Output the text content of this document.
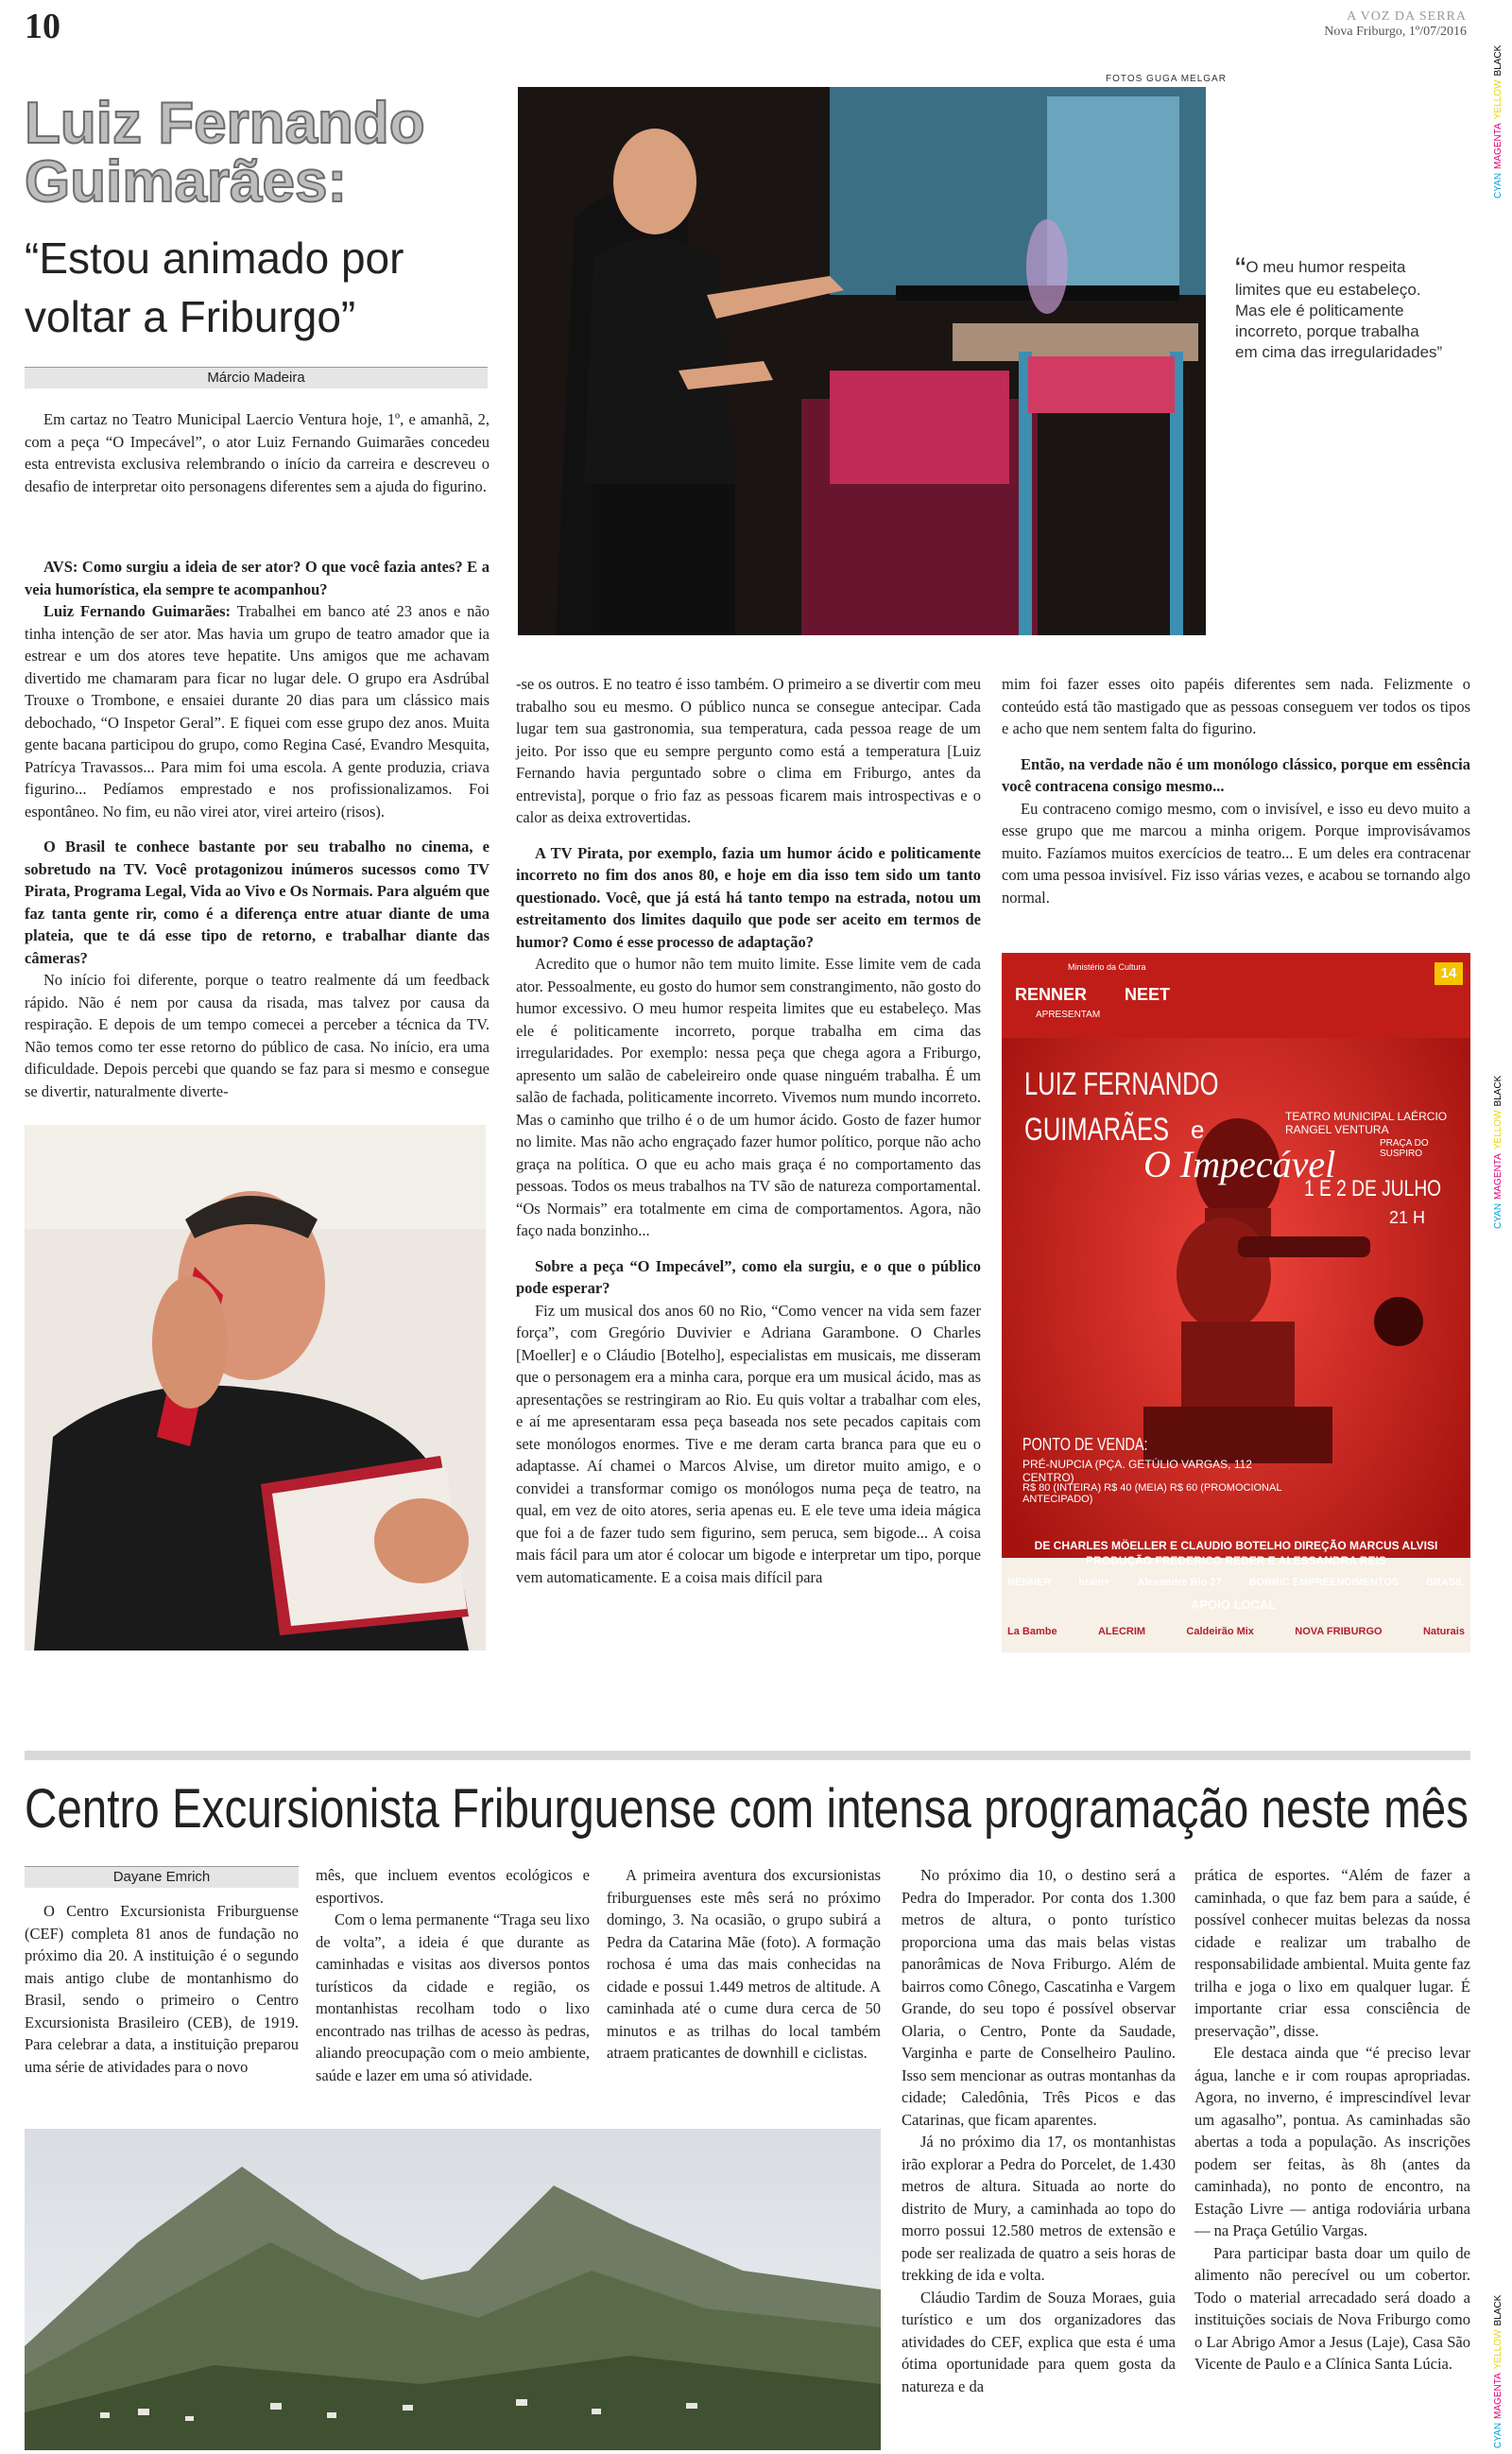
10	A VOZ DA SERRA
Nova Friburgo, 1º/07/2016
CYANMAGENTAYELLOWBLACK
CYANMAGENTAYELLOWBLACK
CYANMAGENTAYELLOWBLACK
Luiz Fernando Guimarães:
“Estou animado por voltar a Friburgo”
Márcio Madeira

Em cartaz no Teatro Municipal Laercio Ventura hoje, 1º, e amanhã, 2, com a peça “O Impecável”, o ator Luiz Fernando Guimarães concedeu esta entrevista exclusiva relembrando o início da carreira e descreveu o desafio de interpretar oito personagens diferentes sem a ajuda do figurino.

AVS: Como surgiu a ideia de ser ator? O que você fazia antes? E a veia humorística, ela sempre te acompanhou?

Luiz Fernando Guimarães: Trabalhei em banco até 23 anos e não tinha intenção de ser ator. Mas havia um grupo de teatro amador que ia estrear e um dos atores teve hepatite. Uns amigos que me achavam divertido me chamaram para ficar no lugar dele. O grupo era Asdrúbal Trouxe o Trombone, e ensaiei durante 20 dias para um clássico mais debochado, “O Inspetor Geral”. E fiquei com esse grupo dez anos. Muita gente bacana participou do grupo, como Regina Casé, Evandro Mesquita, Patrícya Travassos... Para mim foi uma escola. A gente produzia, criava figurino... Pedíamos emprestado e nos profissionalizamos. Foi espontâneo. No fim, eu não virei ator, virei arteiro (risos).

O Brasil te conhece bastante por seu trabalho no cinema, e sobretudo na TV. Você protagonizou inúmeros sucessos como TV Pirata, Programa Legal, Vida ao Vivo e Os Normais. Para alguém que faz tanta gente rir, como é a diferença entre atuar diante de uma plateia, que te dá esse tipo de retorno, e trabalhar diante das câmeras?

No início foi diferente, porque o teatro realmente dá um feedback rápido. Não é nem por causa da risada, mas talvez por causa da respiração. E depois de um tempo comecei a perceber a técnica da TV. Não temos como ter esse retorno do público de casa. No início, era uma dificuldade. Depois percebi que quando se faz para si mesmo e consegue se divertir, naturalmente diverte-

FOTOS GUGA MELGAR
“O meu humor respeita limites que eu estabeleço. Mas ele é politicamente incorreto, porque trabalha em cima das irregularidades”

-se os outros. E no teatro é isso também. O primeiro a se divertir com meu trabalho sou eu mesmo. O público nunca se consegue antecipar. Cada lugar tem sua gastronomia, sua temperatura, cada pessoa reage de um jeito. Por isso que eu sempre pergunto como está a temperatura [Luiz Fernando havia perguntado sobre o clima em Friburgo, antes da entrevista], porque o frio faz as pessoas ficarem mais introspectivas e o calor as deixa extrovertidas.

A TV Pirata, por exemplo, fazia um humor ácido e politicamente incorreto no fim dos anos 80, e hoje em dia isso tem sido um tanto questionado. Você, que já está há tanto tempo na estrada, notou um estreitamento dos limites daquilo que pode ser aceito em termos de humor? Como é esse processo de adaptação?

Acredito que o humor não tem muito limite. Esse limite vem de cada ator. Pessoalmente, eu gosto do humor sem constrangimento, não gosto do humor excessivo. O meu humor respeita limites que eu estabeleço. Mas ele é politicamente incorreto, porque trabalha em cima das irregularidades. Por exemplo: nessa peça que chega agora a Friburgo, apresento um salão de cabeleireiro onde quase ninguém trabalha. É um salão de fachada, politicamente incorreto. Vivemos num mundo incorreto. Mas o caminho que trilho é o de um humor ácido. Gosto de fazer humor no limite. Mas não acho engraçado fazer humor político, porque não acho graça na política. O que eu acho mais graça é no comportamento das pessoas. Todos os meus trabalhos na TV são de natureza comportamental. “Os Normais” era totalmente em cima de comportamentos. Agora, não faço nada bonzinho...

Sobre a peça “O Impecável”, como ela surgiu, e o que o público pode esperar?

Fiz um musical dos anos 60 no Rio, “Como vencer na vida sem fazer força”, com Gregório Duvivier e Adriana Garambone. O Charles [Moeller] e o Cláudio [Botelho], especialistas em musicais, me disseram que o personagem era a minha cara, porque era um musical ácido, mas as apresentações se restringiram ao Rio. Eu quis voltar a trabalhar com eles, e aí me apresentaram essa peça baseada nos sete pecados capitais com sete monólogos enormes. Tive e me deram carta branca para que eu o adaptasse. Aí chamei o Marcos Alvise, um diretor muito amigo, e o convidei a transformar comigo os monólogos numa peça de teatro, na qual, em vez de oito atores, seria apenas eu. E ele teve uma ideia mágica que foi a de fazer tudo sem figurino, sem peruca, sem bigode... A coisa mais fácil para um ator é colocar um bigode e interpretar um tipo, porque vem automaticamente. E a coisa mais difícil para

mim foi fazer esses oito papéis diferentes sem nada. Felizmente o conteúdo está tão mastigado que as pessoas conseguem ver todos os tipos e acho que nem sentem falta do figurino.

Então, na verdade não é um monólogo clássico, porque em essência você contracena consigo mesmo...

Eu contraceno comigo mesmo, com o invisível, e isso eu devo muito a esse grupo que me marcou a minha origem. Porque improvisávamos muito. Fazíamos muitos exercícios de teatro... E um deles era contracenar com uma pessoa invisível. Fiz isso várias vezes, e acabou se tornando algo normal.

14
Ministério da Cultura
RENNER NEET
APRESENTAM
LUIZ FERNANDO
GUIMARÃES e
O Impecável
TEATRO MUNICIPAL LAÉRCIO RANGEL VENTURA
PRAÇA DO SUSPIRO
1 E 2 DE JULHO
21 H
PONTO DE VENDA:
PRÉ-NUPCIA (PÇA. GETÚLIO VARGAS, 112 CENTRO)
R$ 80 (INTEIRA) R$ 40 (MEIA) R$ 60 (PROMOCIONAL ANTECIPADO)
DE CHARLES MÖELLER E CLAUDIO BOTELHO DIREÇÃO MARCUS ALVISI
PRODUÇÃO FREDERICO REDER E ALESSANDRA REIS
RENNER	brain+	Alexandre Rio 27	BORRIC EMPREENDIMENTOS	BRASIL
APOIO LOCAL
La Bambe	ALECRIM	Caldeirão Mix	NOVA FRIBURGO	Naturais
Centro Excursionista Friburguense com intensa programação neste mês
Dayane Emrich

O Centro Excursionista Friburguense (CEF) completa 81 anos de fundação no próximo dia 20. A instituição é o segundo mais antigo clube de montanhismo do Brasil, sendo o primeiro o Centro Excursionista Brasileiro (CEB), de 1919. Para celebrar a data, a instituição preparou uma série de atividades para o novo

mês, que incluem eventos ecológicos e esportivos.

Com o lema permanente “Traga seu lixo de volta”, a ideia é que durante as caminhadas e visitas aos diversos pontos turísticos da cidade e região, os montanhistas recolham todo o lixo encontrado nas trilhas de acesso às pedras, aliando preocupação com o meio ambiente, saúde e lazer em uma só atividade.

A primeira aventura dos excursionistas friburguenses este mês será no próximo domingo, 3. Na ocasião, o grupo subirá a Pedra da Catarina Mãe (foto). A formação rochosa é uma das mais conhecidas na cidade e possui 1.449 metros de altitude. A caminhada até o cume dura cerca de 50 minutos e as trilhas do local também atraem praticantes de downhill e ciclistas.

No próximo dia 10, o destino será a Pedra do Imperador. Por conta dos 1.300 metros de altura, o ponto turístico proporciona uma das mais belas vistas panorâmicas de Nova Friburgo. Além de bairros como Cônego, Cascatinha e Vargem Grande, do seu topo é possível observar Olaria, o Centro, Ponte da Saudade, Varginha e parte de Conselheiro Paulino. Isso sem mencionar as outras montanhas da cidade; Caledônia, Três Picos e das Catarinas, que ficam aparentes.

Já no próximo dia 17, os montanhistas irão explorar a Pedra do Porcelet, de 1.430 metros de altura. Situada ao norte do distrito de Mury, a caminhada ao topo do morro possui 12.580 metros de extensão e pode ser realizada de quatro a seis horas de trekking de ida e volta.

Cláudio Tardim de Souza Moraes, guia turístico e um dos organizadores das atividades do CEF, explica que esta é uma ótima oportunidade para quem gosta da natureza e da

prática de esportes. “Além de fazer a caminhada, o que faz bem para a saúde, é possível conhecer muitas belezas da nossa cidade e realizar um trabalho de responsabilidade ambiental. Muita gente faz trilha e joga o lixo em qualquer lugar. É importante criar essa consciência de preservação”, disse.

Ele destaca ainda que “é preciso levar água, lanche e ir com roupas apropriadas. Agora, no inverno, é imprescindível levar um agasalho”, pontua. As caminhadas são abertas a toda a população. As inscrições podem ser feitas, às 8h (antes da caminhada), no ponto de encontro, na Estação Livre — antiga rodoviária urbana — na Praça Getúlio Vargas.

Para participar basta doar um quilo de alimento não perecível ou um cobertor. Todo o material arrecadado será doado a instituições sociais de Nova Friburgo como o Lar Abrigo Amor a Jesus (Laje), Casa São Vicente de Paulo e a Clínica Santa Lúcia.
